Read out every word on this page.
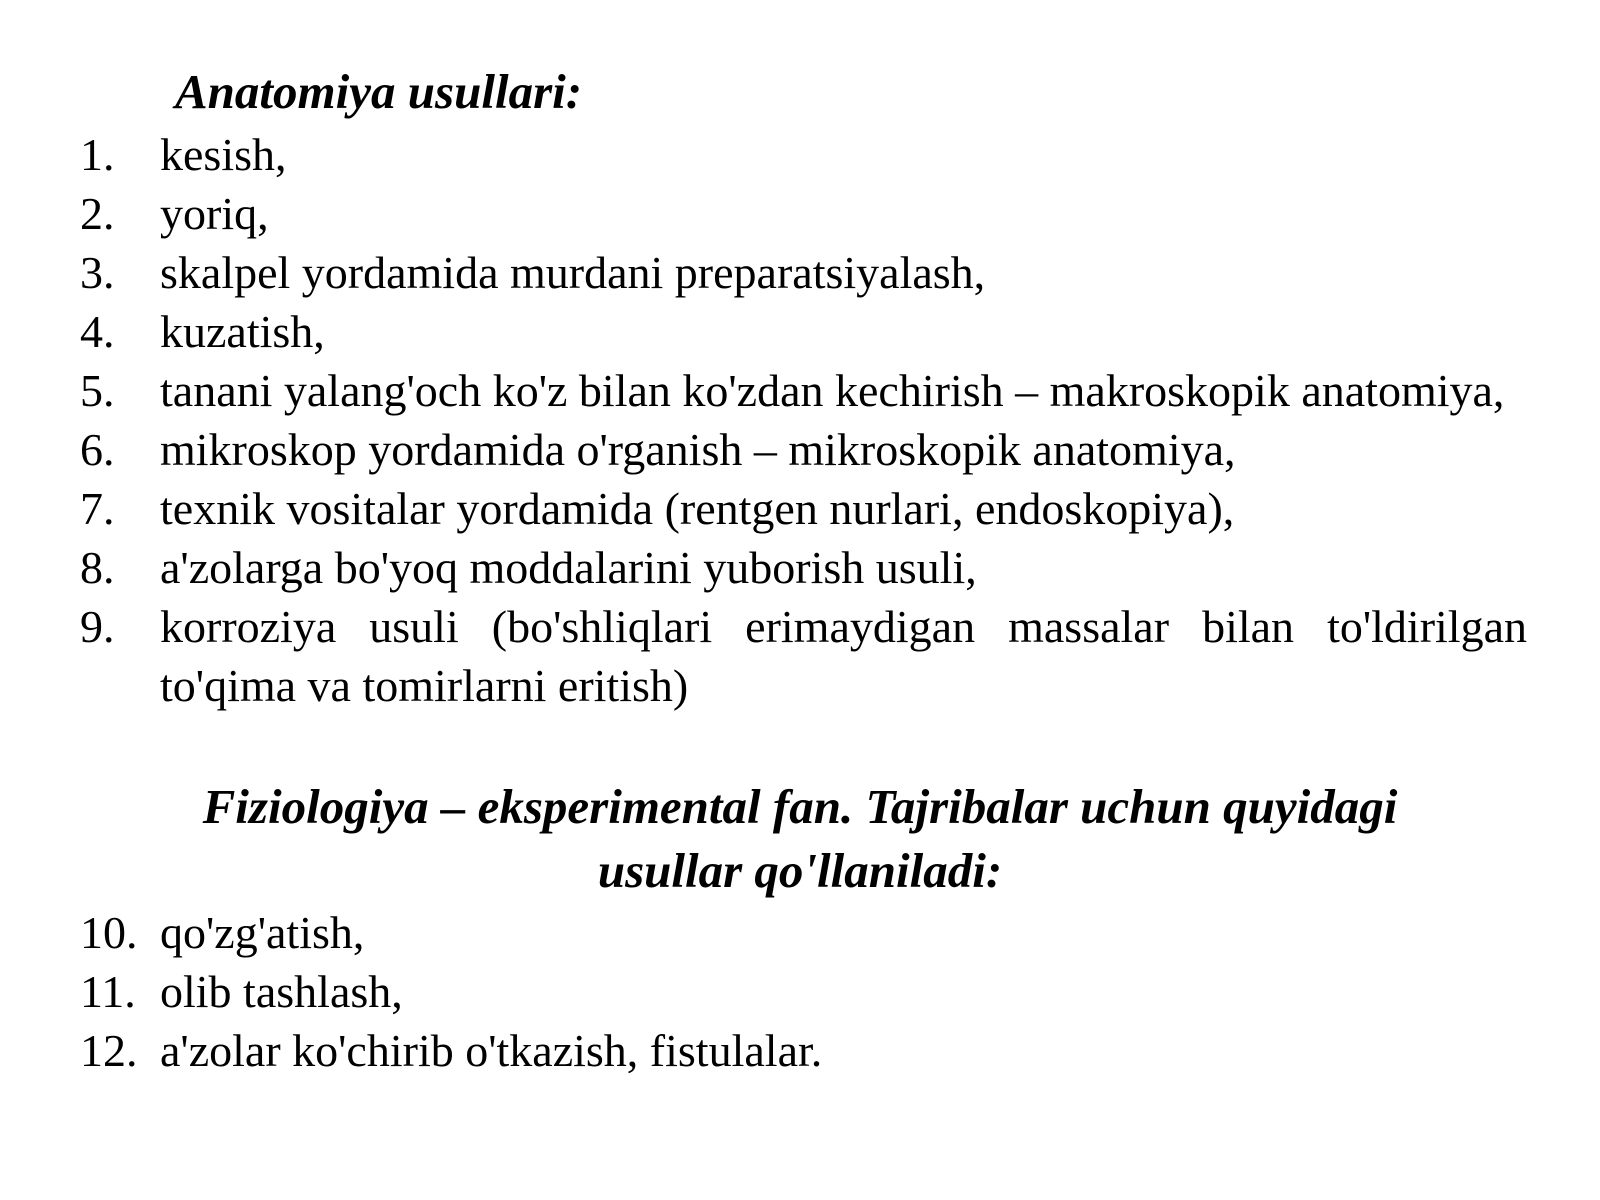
Anatomiya usullari:
1. kesish,
2. yoriq,
3. skalpel yordamida murdani preparatsiyalash,
4. kuzatish,
5. tanani yalang'och ko'z bilan ko'zdan kechirish – makroskopik anatomiya,
6. mikroskop yordamida o'rganish – mikroskopik anatomiya,
7. texnik vositalar yordamida (rentgen nurlari, endoskopiya),
8. a'zolarga bo'yoq moddalarini yuborish usuli,
9. korroziya usuli (bo'shliqlari erimaydigan massalar bilan to'ldirilgan to'qima va tomirlarni eritish)
Fiziologiya – eksperimental fan. Tajribalar uchun quyidagi
usullar qo'llaniladi:
10. qo'zg'atish,
11. olib tashlash,
12. a'zolar ko'chirib o'tkazish, fistulalar.
